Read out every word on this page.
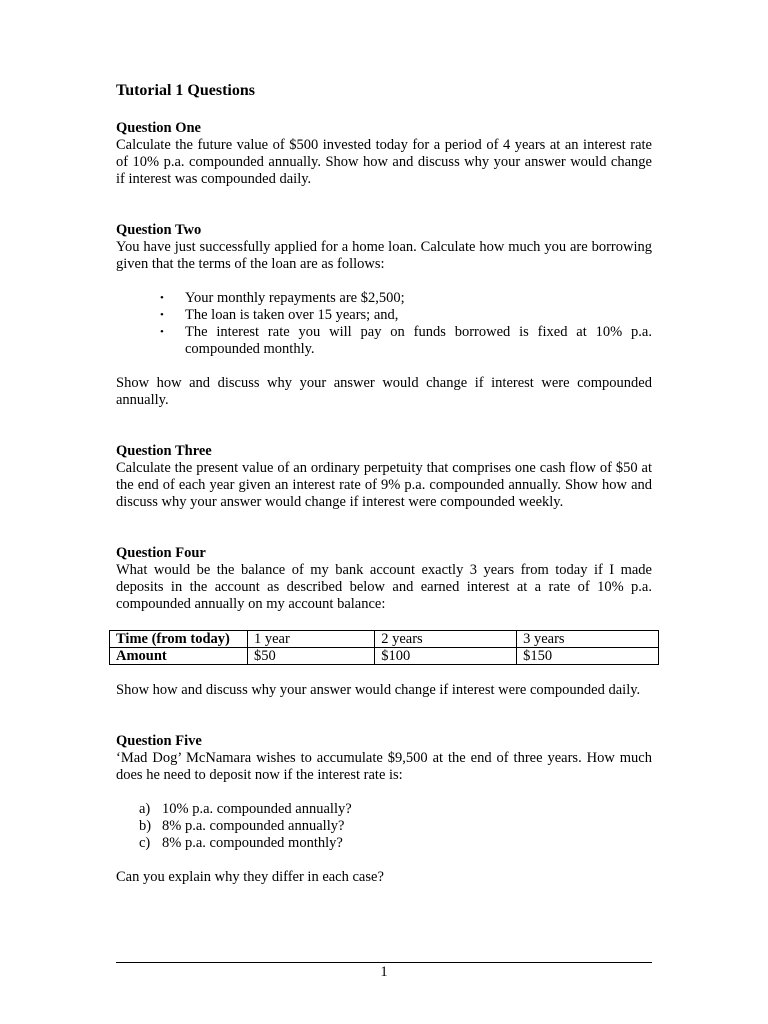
Tutorial 1 Questions

Question One

Calculate the future value of $500 invested today for a period of 4 years at an interest rate of 10% p.a. compounded annually. Show how and discuss why your answer would change if interest was compounded daily.

Question Two

You have just successfully applied for a home loan. Calculate how much you are borrowing given that the terms of the loan are as follows:

• Your monthly repayments are $2,500;
• The loan is taken over 15 years; and,
• The interest rate you will pay on funds borrowed is fixed at 10% p.a. compounded monthly.

Show how and discuss why your answer would change if interest were compounded annually.

Question Three

Calculate the present value of an ordinary perpetuity that comprises one cash flow of $50 at the end of each year given an interest rate of 9% p.a. compounded annually. Show how and discuss why your answer would change if interest were compounded weekly.

Question Four

What would be the balance of my bank account exactly 3 years from today if I made deposits in the account as described below and earned interest at a rate of 10% p.a. compounded annually on my account balance:

Time (from today)	1 year	2 years	3 years
Amount	$50	$100	$150

Show how and discuss why your answer would change if interest were compounded daily.

Question Five

‘Mad Dog’ McNamara wishes to accumulate $9,500 at the end of three years. How much does he need to deposit now if the interest rate is:

a) 10% p.a. compounded annually?
b) 8% p.a. compounded annually?
c) 8% p.a. compounded monthly?

Can you explain why they differ in each case?

1
